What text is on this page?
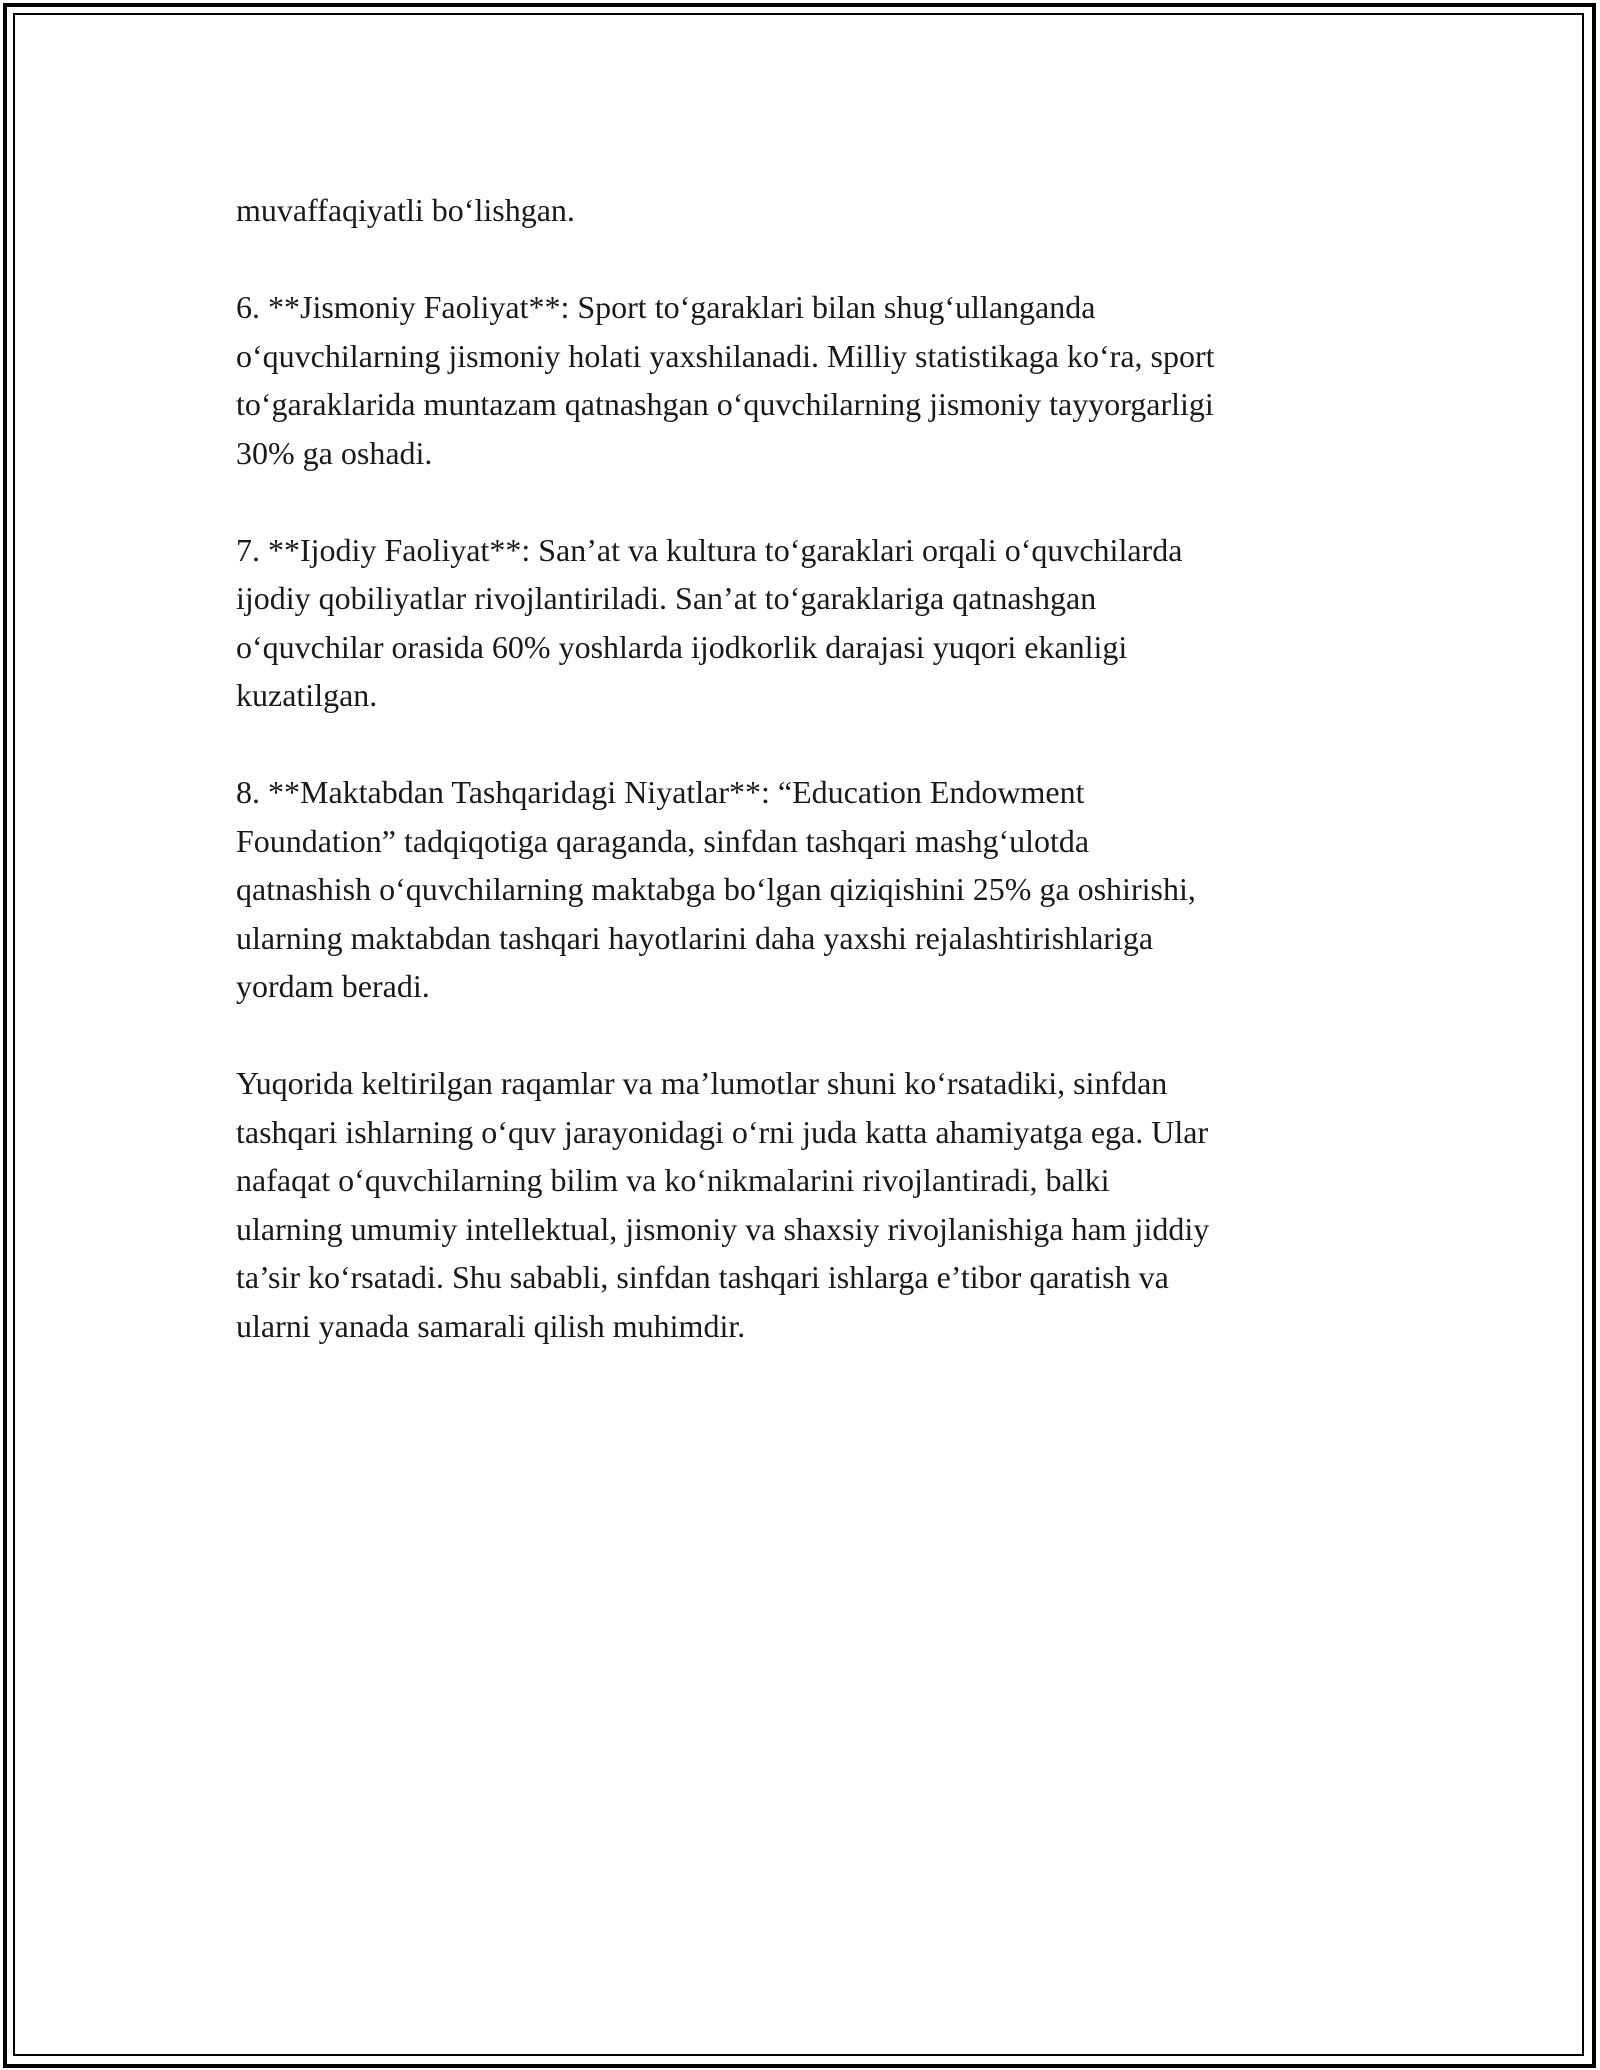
muvaffaqiyatli bo‘lishgan.

6. **Jismoniy Faoliyat**: Sport to‘garaklari bilan shug‘ullanganda
o‘quvchilarning jismoniy holati yaxshilanadi. Milliy statistikaga ko‘ra, sport
to‘garaklarida muntazam qatnashgan o‘quvchilarning jismoniy tayyorgarligi
30% ga oshadi.

7. **Ijodiy Faoliyat**: San’at va kultura to‘garaklari orqali o‘quvchilarda
ijodiy qobiliyatlar rivojlantiriladi. San’at to‘garaklariga qatnashgan
o‘quvchilar orasida 60% yoshlarda ijodkorlik darajasi yuqori ekanligi
kuzatilgan.

8. **Maktabdan Tashqaridagi Niyatlar**: “Education Endowment
Foundation” tadqiqotiga qaraganda, sinfdan tashqari mashg‘ulotda
qatnashish o‘quvchilarning maktabga bo‘lgan qiziqishini 25% ga oshirishi,
ularning maktabdan tashqari hayotlarini daha yaxshi rejalashtirishlariga
yordam beradi.

Yuqorida keltirilgan raqamlar va ma’lumotlar shuni ko‘rsatadiki, sinfdan
tashqari ishlarning o‘quv jarayonidagi o‘rni juda katta ahamiyatga ega. Ular
nafaqat o‘quvchilarning bilim va ko‘nikmalarini rivojlantiradi, balki
ularning umumiy intellektual, jismoniy va shaxsiy rivojlanishiga ham jiddiy
ta’sir ko‘rsatadi. Shu sababli, sinfdan tashqari ishlarga e’tibor qaratish va
ularni yanada samarali qilish muhimdir.
